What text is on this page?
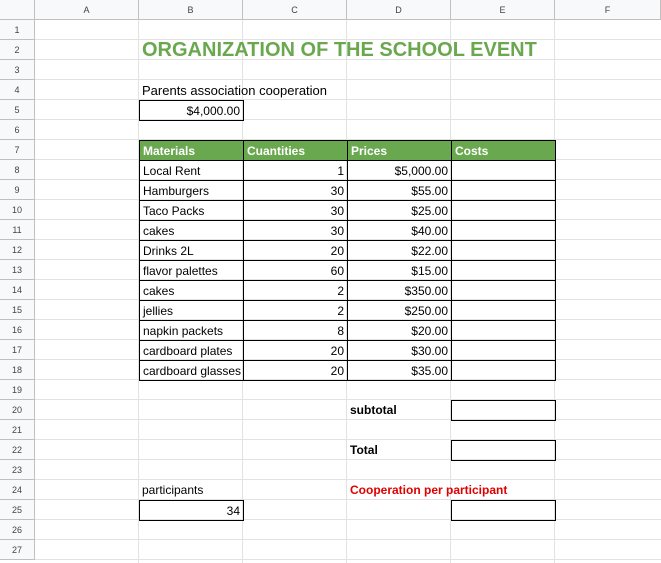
A	B	C	D	E	F
1
2
3
4
5
6
7
8
9
10
11
12
13
14
15
16
17
18
19
20
21
22
23
24
25
26
27
ORGANIZATION OF THE SCHOOL EVENT
Parents association cooperation
$4,000.00
Materials	Cuantities	Prices	Costs
Local Rent	1	$5,000.00
Hamburgers	30	$55.00
Taco Packs	30	$25.00
cakes	30	$40.00
Drinks 2L	20	$22.00
flavor palettes	60	$15.00
cakes	2	$350.00
jellies	2	$250.00
napkin packets	8	$20.00
cardboard plates	20	$30.00
cardboard glasses	20	$35.00
subtotal
Total
participants
34
Cooperation per participant
